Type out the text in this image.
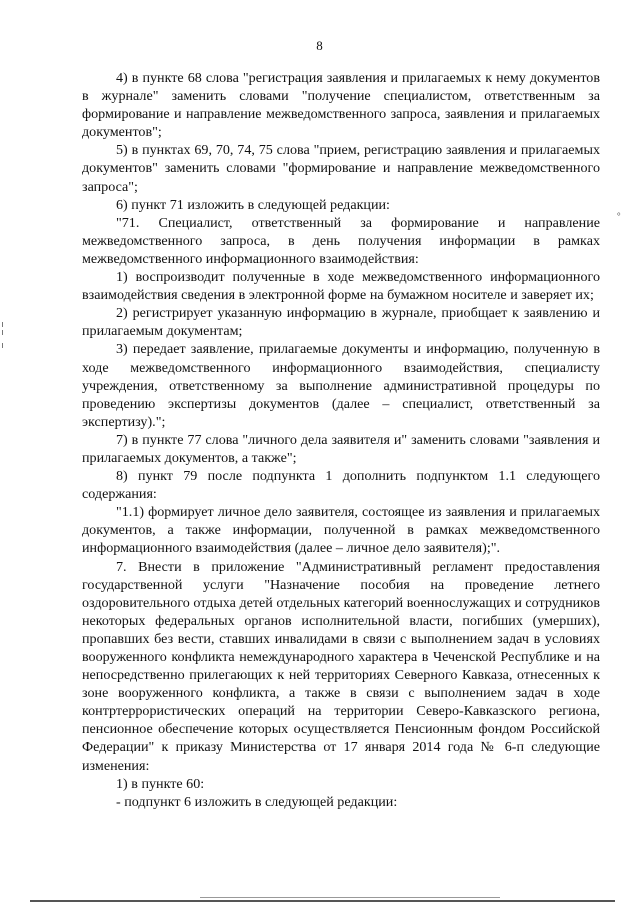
8
°

4) в пункте 68 слова "регистрация заявления и прилагаемых к нему документов в журнале" заменить словами "получение специалистом, ответственным за формирование и направление межведомственного запроса, заявления и прилагаемых документов";

5) в пунктах 69, 70, 74, 75 слова "прием, регистрацию заявления и прилагаемых документов" заменить словами "формирование и направление межведомственного запроса";

6) пункт 71 изложить в следующей редакции:

"71. Специалист, ответственный за формирование и направление межведомственного запроса, в день получения информации в рамках межведомственного информационного взаимодействия:

1) воспроизводит полученные в ходе межведомственного информационного взаимодействия сведения в электронной форме на бумажном носителе и заверяет их;

2) регистрирует указанную информацию в журнале, приобщает к заявлению и прилагаемым документам;

3) передает заявление, прилагаемые документы и информацию, полученную в ходе межведомственного информационного взаимодействия, специалисту учреждения, ответственному за выполнение административной процедуры по проведению экспертизы документов (далее – специалист, ответственный за экспертизу).";

7) в пункте 77 слова "личного дела заявителя и" заменить словами "заявления и прилагаемых документов, а также";

8) пункт 79 после подпункта 1 дополнить подпунктом 1.1 следующего содержания:

"1.1) формирует личное дело заявителя, состоящее из заявления и прилагаемых документов, а также информации, полученной в рамках межведомственного информационного взаимодействия (далее – личное дело заявителя);".

7. Внести в приложение "Административный регламент предоставления государственной услуги "Назначение пособия на проведение летнего оздоровительного отдыха детей отдельных категорий военнослужащих и сотрудников некоторых федеральных органов исполнительной власти, погибших (умерших), пропавших без вести, ставших инвалидами в связи с выполнением задач в условиях вооруженного конфликта немеждународного характера в Чеченской Республике и на непосредственно прилегающих к ней территориях Северного Кавказа, отнесенных к зоне вооруженного конфликта, а также в связи с выполнением задач в ходе контртеррористических операций на территории Северо-Кавказского региона, пенсионное обеспечение которых осуществляется Пенсионным фондом Российской Федерации" к приказу Министерства от 17 января 2014 года № 6-п следующие изменения:

1) в пункте 60:

- подпункт 6 изложить в следующей редакции:
